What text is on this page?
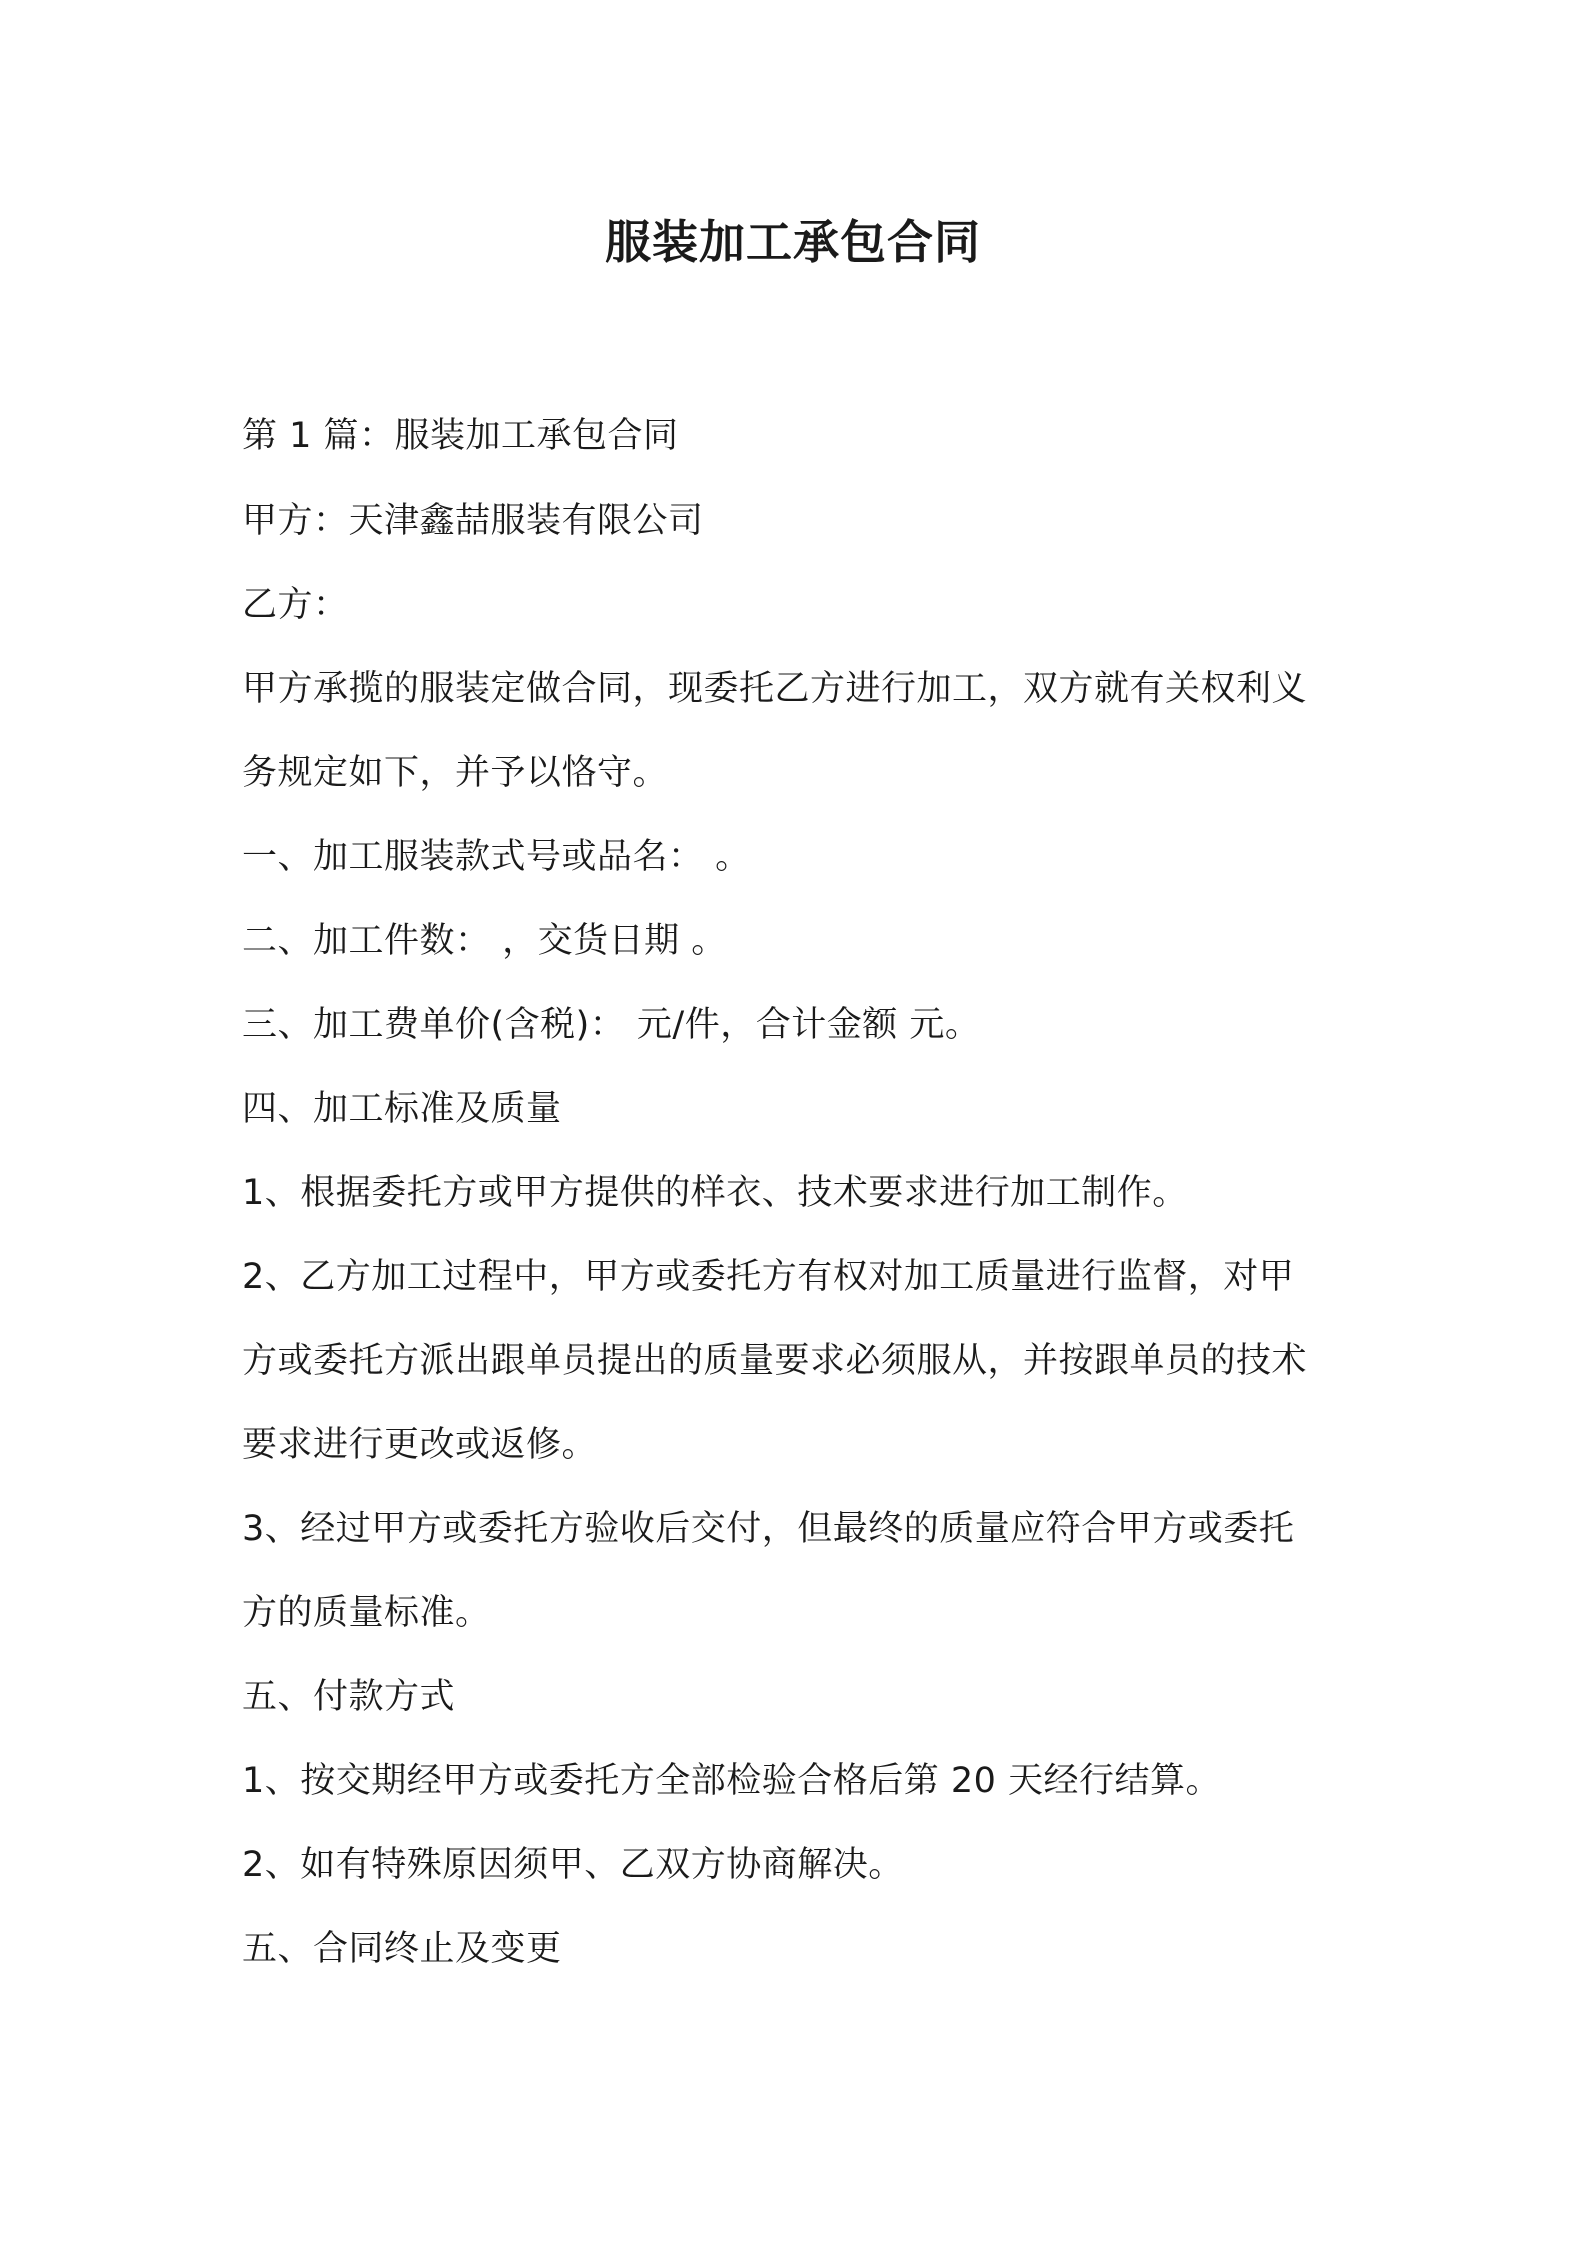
服装加工承包合同
第 1 篇：服装加工承包合同
甲方：天津鑫喆服装有限公司
乙方：
甲方承揽的服装定做合同，现委托乙方进行加工，双方就有关权利义
务规定如下，并予以恪守。
一、加工服装款式号或品名： 。
二、加工件数： ，交货日期 。
三、加工费单价(含税)： 元/件，合计金额 元。
四、加工标准及质量
1、根据委托方或甲方提供的样衣、技术要求进行加工制作。
2、乙方加工过程中，甲方或委托方有权对加工质量进行监督，对甲
方或委托方派出跟单员提出的质量要求必须服从，并按跟单员的技术
要求进行更改或返修。
3、经过甲方或委托方验收后交付，但最终的质量应符合甲方或委托
方的质量标准。
五、付款方式
1、按交期经甲方或委托方全部检验合格后第 20 天经行结算。
2、如有特殊原因须甲、乙双方协商解决。
五、合同终止及变更
